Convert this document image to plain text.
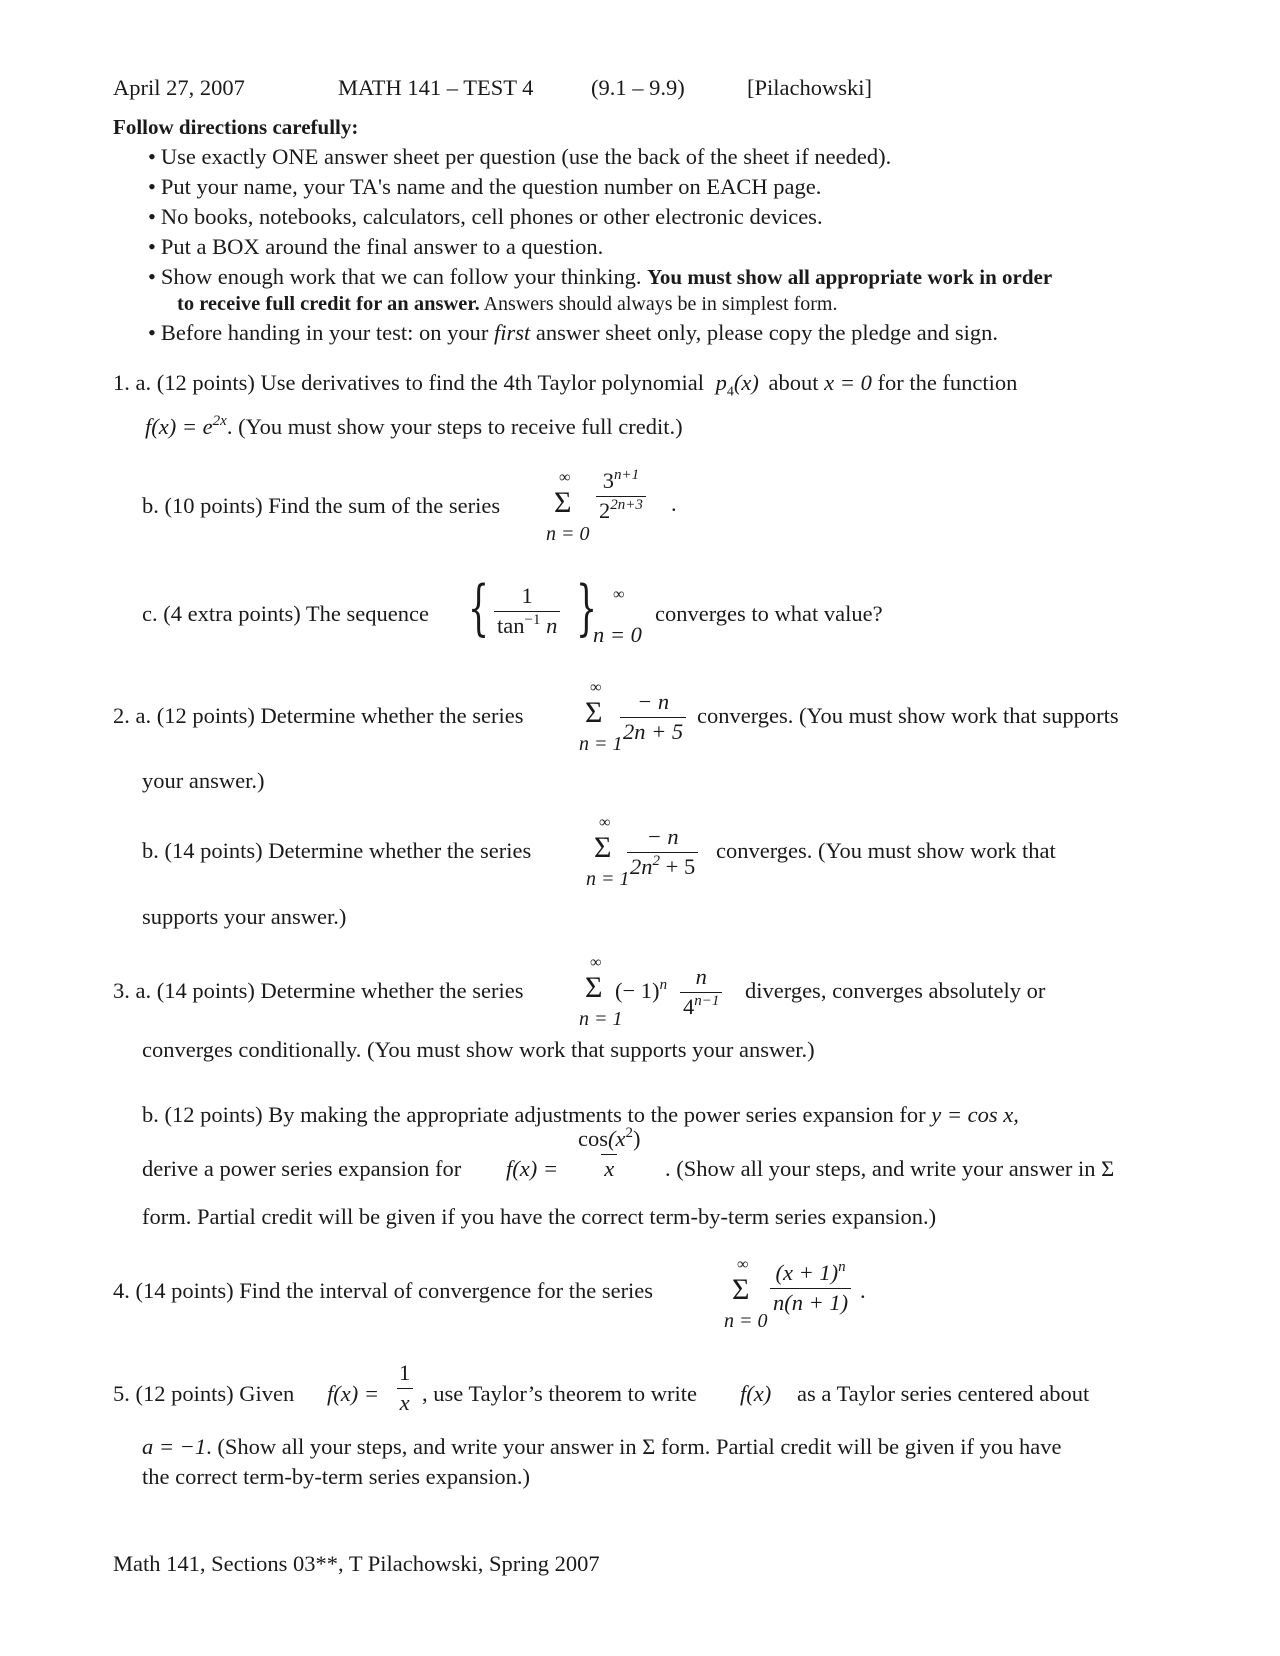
April 27, 2007	MATH 141 – TEST 4	(9.1 – 9.9)	[Pilachowski]
Follow directions carefully:
• Use exactly ONE answer sheet per question (use the back of the sheet if needed).
• Put your name, your TA's name and the question number on EACH page.
• No books, notebooks, calculators, cell phones or other electronic devices.
• Put a BOX around the final answer to a question.
• Show enough work that we can follow your thinking. You must show all appropriate work in order
to receive full credit for an answer. Answers should always be in simplest form.
• Before handing in your test: on your first answer sheet only, please copy the pledge and sign.
1. a. (12 points) Use derivatives to find the 4th Taylor polynomial $p_4(x)$ about x = 0 for the function
$f(x) = e^{2x}$. (You must show your steps to receive full credit.)
b. (10 points) Find the sum of the series
∞
Σ
n = 0
$\frac{3^{n+1}}{2^{2n+3}}$ .
c. (4 extra points) The sequence { $\frac{1}{\tan^{-1} n}$ } ∞
n = 0
converges to what value?
2. a. (12 points) Determine whether the series
∞
Σ
n = 1
$\frac{- n}{2n + 5}$ converges. (You must show work that supports
your answer.)
b. (14 points) Determine whether the series
∞
Σ
n = 1
$\frac{- n}{2n^2 + 5}$ converges. (You must show work that
supports your answer.)
3. a. (14 points) Determine whether the series
∞
Σ
n = 1
(− $1)^n \frac{n}{4^{n-1}}$ diverges, converges absolutely or
converges conditionally. (You must show work that supports your answer.)
b. (12 points) By making the appropriate adjustments to the power series expansion for y = cos x,
derive a power series expansion for $f(x) = \frac{\cos(x^2)}{x}$ . (Show all your steps, and write your answer in Σ
form. Partial credit will be given if you have the correct term-by-term series expansion.)
4. (14 points) Find the interval of convergence for the series
∞
Σ
n = 0
$\frac{(x + 1)^n}{n(n + 1)}$ .
5. (12 points) Given $f(x) = \frac{1}{x}$ , use Taylor’s theorem to write f(x) as a Taylor series centered about
a = −1. (Show all your steps, and write your answer in Σ form. Partial credit will be given if you have
the correct term-by-term series expansion.)
Math 141, Sections 03**, T Pilachowski, Spring 2007
